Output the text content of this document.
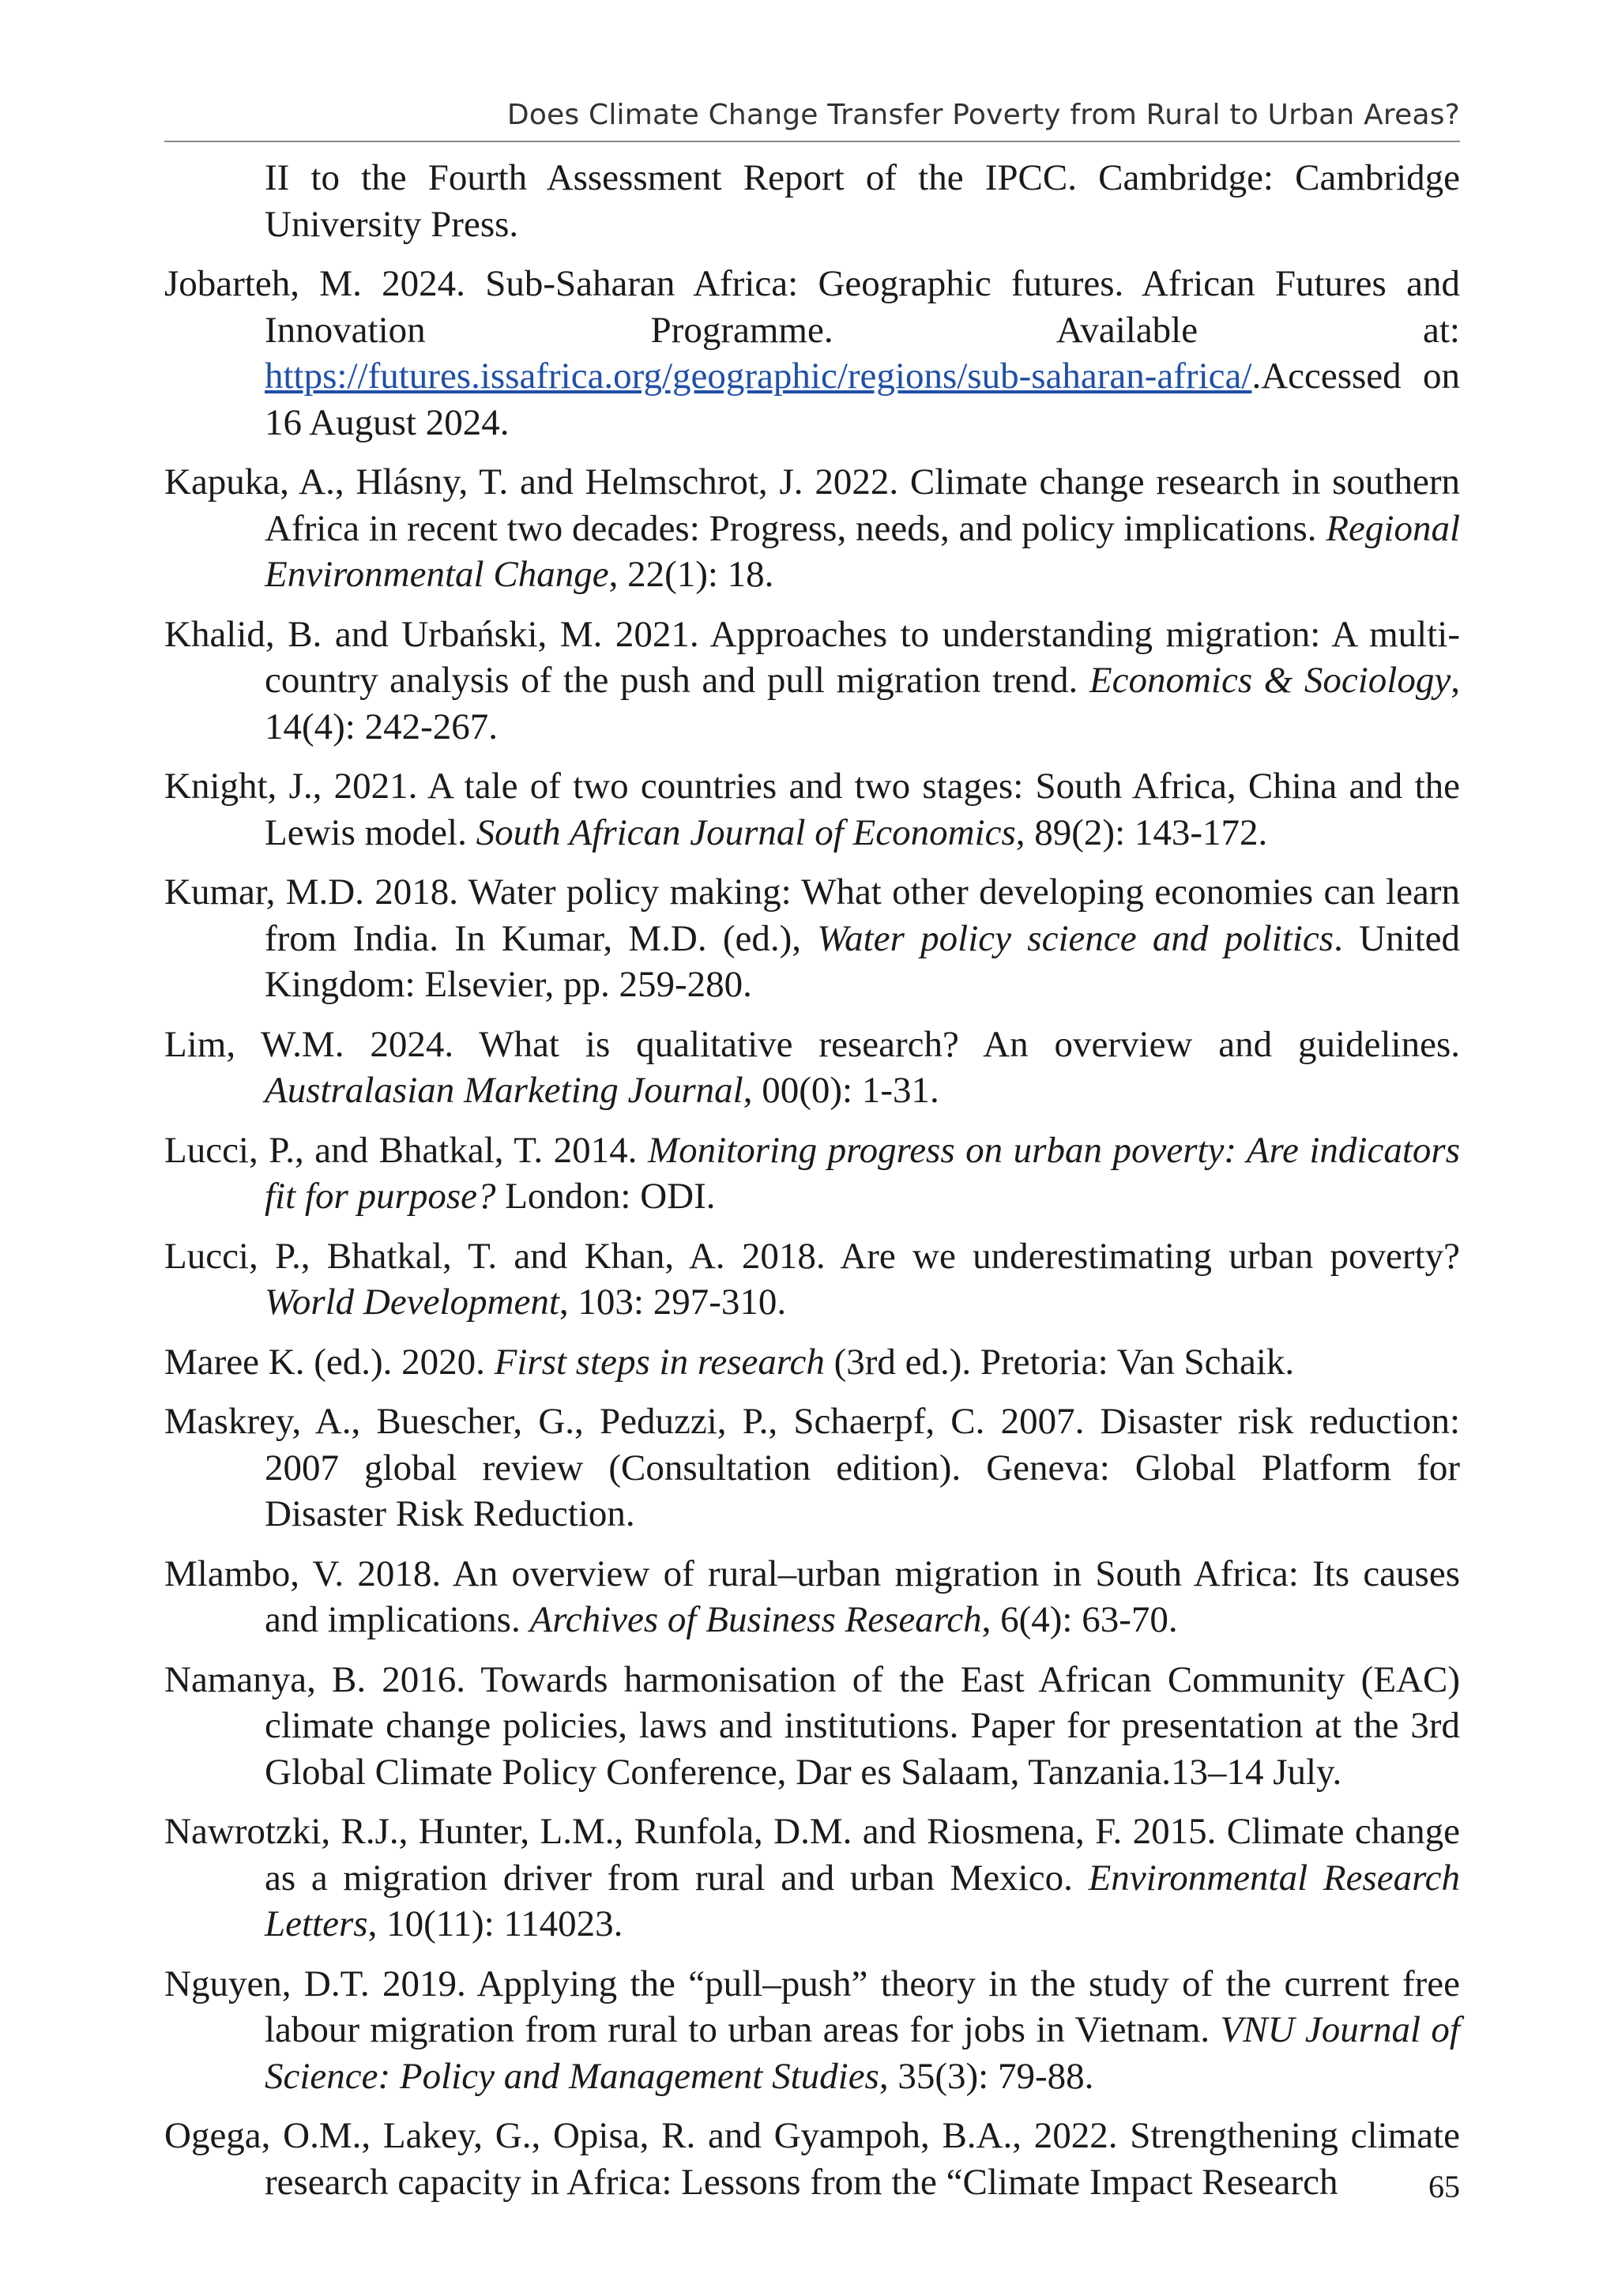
Does Climate Change Transfer Poverty from Rural to Urban Areas?
II to the Fourth Assessment Report of the IPCC. Cambridge: Cambridge University Press.
Jobarteh, M. 2024. Sub-Saharan Africa: Geographic futures. African Futures and Innovation Programme. Available at: https://futures.issafrica.org/geographic/regions/sub-saharan-africa/.Accessed on 16 August 2024.
Kapuka, A., Hlásny, T. and Helmschrot, J. 2022. Climate change research in southern Africa in recent two decades: Progress, needs, and policy implications. Regional Environmental Change, 22(1): 18.
Khalid, B. and Urbański, M. 2021. Approaches to understanding migration: A multi-country analysis of the push and pull migration trend. Economics & Sociology, 14(4): 242-267.
Knight, J., 2021. A tale of two countries and two stages: South Africa, China and the Lewis model. South African Journal of Economics, 89(2): 143-172.
Kumar, M.D. 2018. Water policy making: What other developing economies can learn from India. In Kumar, M.D. (ed.), Water policy science and politics. United Kingdom: Elsevier, pp. 259-280.
Lim, W.M. 2024. What is qualitative research? An overview and guidelines. Australasian Marketing Journal, 00(0): 1-31.
Lucci, P., and Bhatkal, T. 2014. Monitoring progress on urban poverty: Are indicators fit for purpose? London: ODI.
Lucci, P., Bhatkal, T. and Khan, A. 2018. Are we underestimating urban poverty? World Development, 103: 297-310.
Maree K. (ed.). 2020. First steps in research (3rd ed.). Pretoria: Van Schaik.
Maskrey, A., Buescher, G., Peduzzi, P., Schaerpf, C. 2007. Disaster risk reduction: 2007 global review (Consultation edition). Geneva: Global Platform for Disaster Risk Reduction.
Mlambo, V. 2018. An overview of rural–urban migration in South Africa: Its causes and implications. Archives of Business Research, 6(4): 63-70.
Namanya, B. 2016. Towards harmonisation of the East African Community (EAC) climate change policies, laws and institutions. Paper for presentation at the 3rd Global Climate Policy Conference, Dar es Salaam, Tanzania.13–14 July.
Nawrotzki, R.J., Hunter, L.M., Runfola, D.M. and Riosmena, F. 2015. Climate change as a migration driver from rural and urban Mexico. Environmental Research Letters, 10(11): 114023.
Nguyen, D.T. 2019. Applying the “pull–push” theory in the study of the current free labour migration from rural to urban areas for jobs in Vietnam. VNU Journal of Science: Policy and Management Studies, 35(3): 79-88.
Ogega, O.M., Lakey, G., Opisa, R. and Gyampoh, B.A., 2022. Strengthening climate research capacity in Africa: Lessons from the “Climate Impact Research	65
